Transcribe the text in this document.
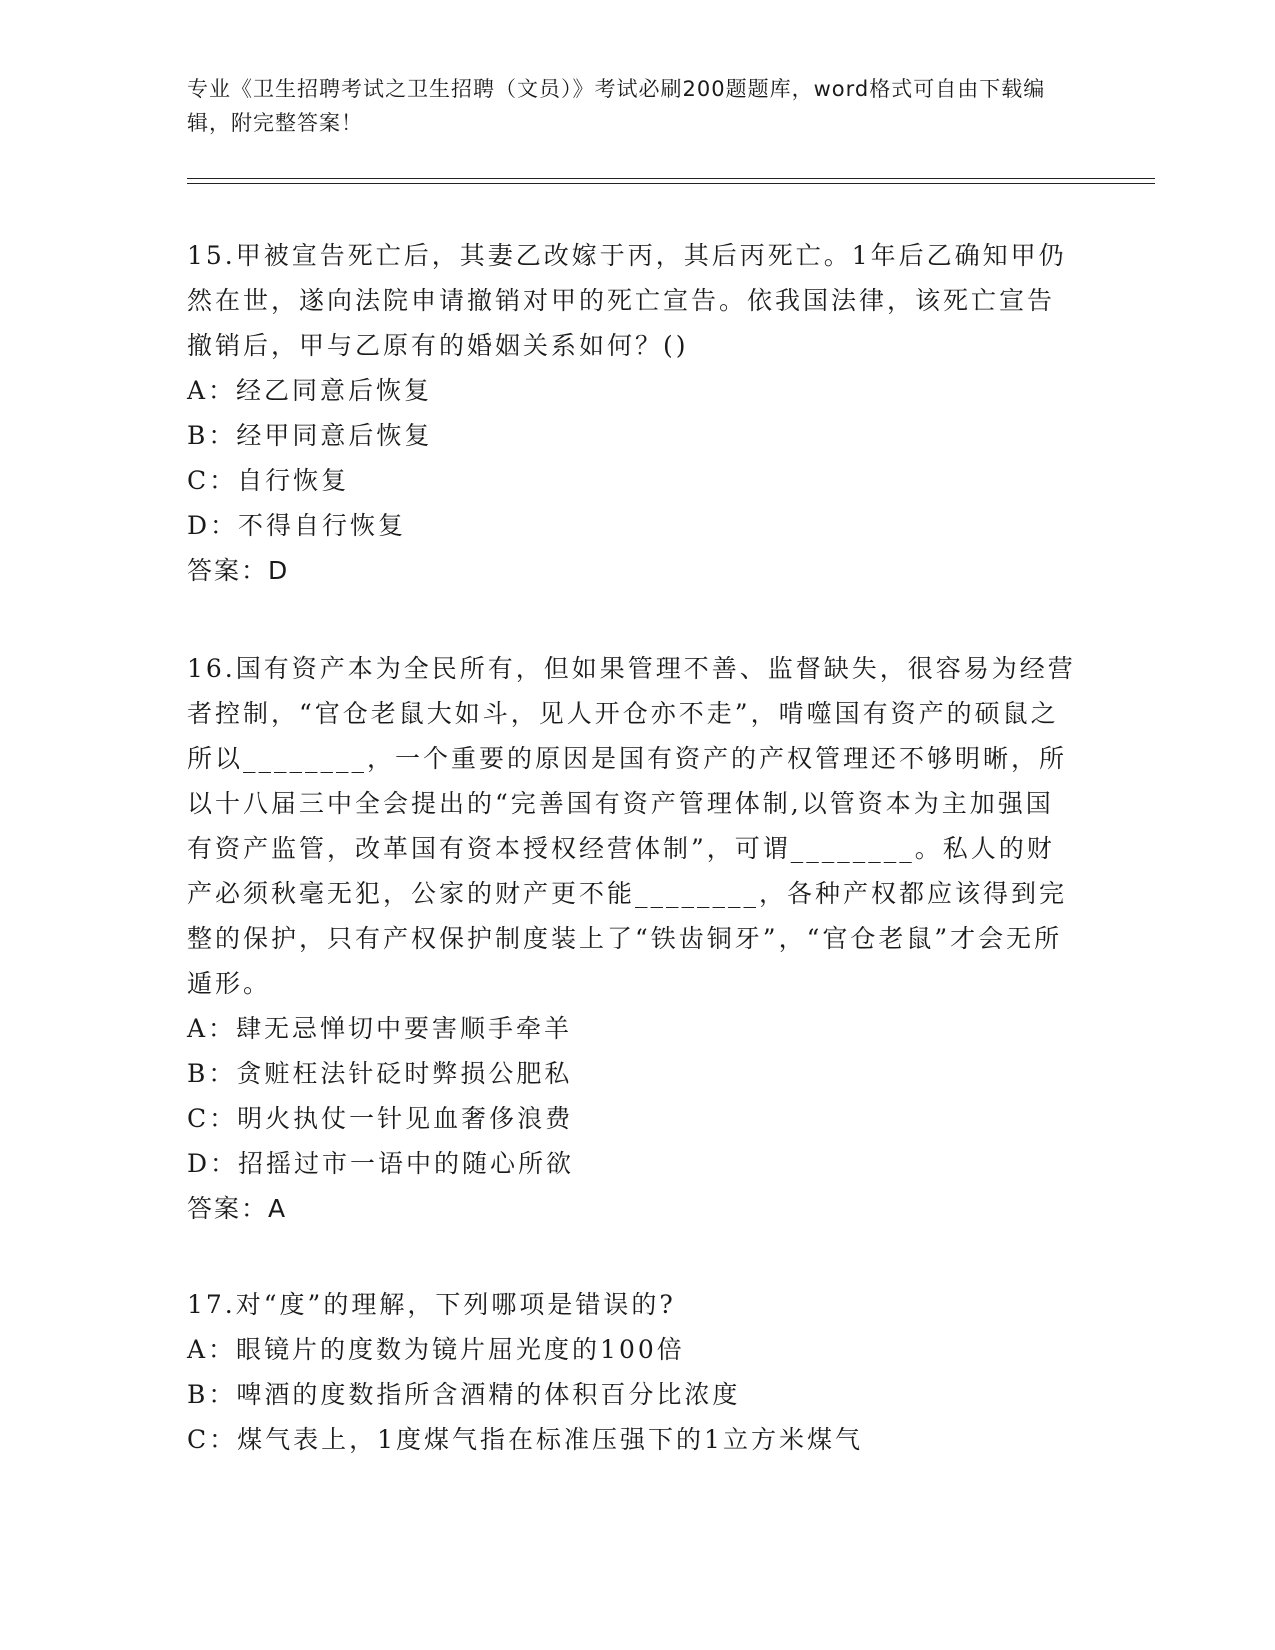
专业《卫生招聘考试之卫生招聘（文员）》考试必刷200题题库，word格式可自由下载编辑，附完整答案！

15.甲被宣告死亡后，其妻乙改嫁于丙，其后丙死亡。1年后乙确知甲仍然在世，遂向法院申请撤销对甲的死亡宣告。依我国法律，该死亡宣告撤销后，甲与乙原有的婚姻关系如何？()

A：经乙同意后恢复

B：经甲同意后恢复

C：自行恢复

D：不得自行恢复

答案：D

16.国有资产本为全民所有，但如果管理不善、监督缺失，很容易为经营者控制，“官仓老鼠大如斗，见人开仓亦不走”，啃噬国有资产的硕鼠之所以________，一个重要的原因是国有资产的产权管理还不够明晰，所以十八届三中全会提出的“完善国有资产管理体制,以管资本为主加强国有资产监管，改革国有资本授权经营体制”，可谓________。私人的财产必须秋毫无犯，公家的财产更不能________，各种产权都应该得到完整的保护，只有产权保护制度装上了“铁齿铜牙”，“官仓老鼠”才会无所遁形。

A：肆无忌惮切中要害顺手牵羊

B：贪赃枉法针砭时弊损公肥私

C：明火执仗一针见血奢侈浪费

D：招摇过市一语中的随心所欲

答案：A

17.对“度”的理解，下列哪项是错误的?

A：眼镜片的度数为镜片屈光度的100倍

B：啤酒的度数指所含酒精的体积百分比浓度

C：煤气表上，1度煤气指在标准压强下的1立方米煤气
